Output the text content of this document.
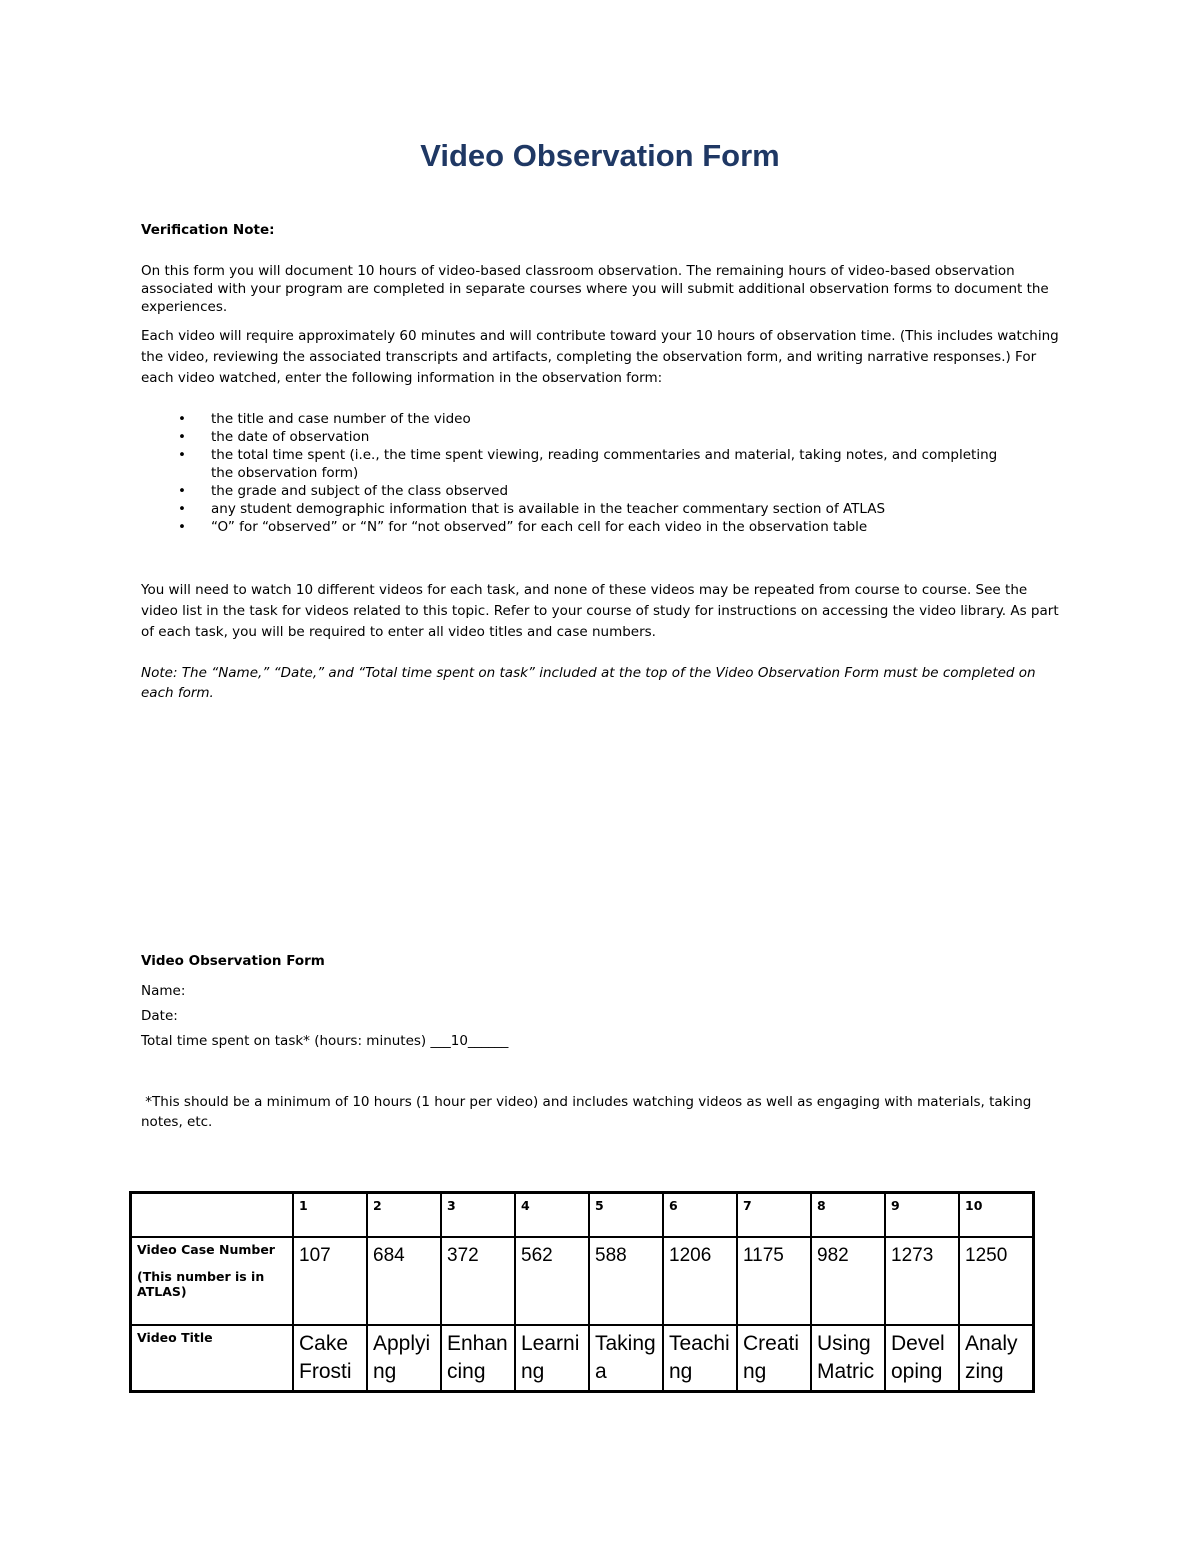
Video Observation Form
Verification Note:
On this form you will document 10 hours of video-based classroom observation. The remaining hours of video-based observation associated with your program are completed in separate courses where you will submit additional observation forms to document the experiences.
Each video will require approximately 60 minutes and will contribute toward your 10 hours of observation time. (This includes watching the video, reviewing the associated transcripts and artifacts, completing the observation form, and writing narrative responses.) For each video watched, enter the following information in the observation form:
• the title and case number of the video
• the date of observation
• the total time spent (i.e., the time spent viewing, reading commentaries and material, taking notes, and completing the observation form)
• the grade and subject of the class observed
• any student demographic information that is available in the teacher commentary section of ATLAS
• “O” for “observed” or “N” for “not observed” for each cell for each video in the observation table
You will need to watch 10 different videos for each task, and none of these videos may be repeated from course to course. See the video list in the task for videos related to this topic. Refer to your course of study for instructions on accessing the video library. As part of each task, you will be required to enter all video titles and case numbers.
Note: The “Name,” “Date,” and “Total time spent on task” included at the top of the Video Observation Form must be completed on each form.
Video Observation Form
Name:
Date:
Total time spent on task* (hours: minutes) ___10______
*This should be a minimum of 10 hours (1 hour per video) and includes watching videos as well as engaging with materials, taking notes, etc.
	1	2	3	4	5	6	7	8	9	10
Video Case Number
(This number is in ATLAS)	107	684	372	562	588	1206	1175	982	1273	1250
Video Title	Cake Frosti	Applying	Enhancing	Learning	Taking a	Teaching	Creating	Using Matric	Developing	Analyzing
